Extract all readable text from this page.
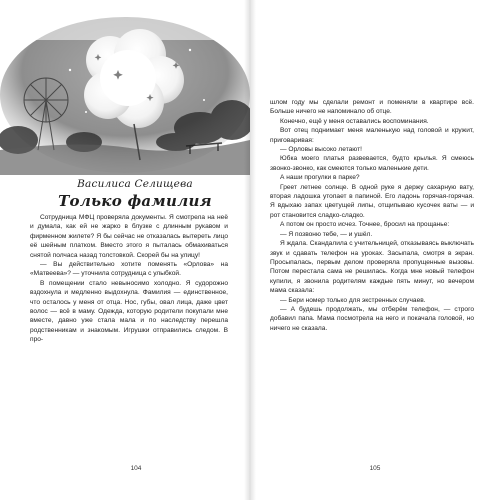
Василиса Селищева

Только фамилия

Сотрудница МФЦ проверяла документы. Я смотрела на неё и думала, как ей не жарко в блузке с длинным рукавом и фирменном жилете? Я бы сейчас не отказалась вытереть лицо её шейным платком. Вместо этого я пыталась обмахиваться снятой полчаса назад толстовкой. Скорей бы на улицу!

— Вы действительно хотите поменять «Орлова» на «Матвеева»? — уточнила сотрудница с улыбкой.

В помещении стало невыносимо холодно. Я судорожно вздохнула и медленно выдохнула. Фамилия — единственное, что осталось у меня от отца. Нос, губы, овал лица, даже цвет волос — всё в маму. Одежда, которую родители покупали мне вместе, давно уже стала мала и по наследству перешла родственникам и знакомым. Игрушки отправились следом. В про-

104

шлом году мы сделали ремонт и поменяли в квартире всё. Больше ничего не напоминало об отце.

Конечно, ещё у меня оставались воспоминания.

Вот отец поднимает меня маленькую над головой и кружит, приговаривая:

— Орловы высоко летают!

Юбка моего платья развевается, будто крылья. Я смеюсь звонко-звонко, как смеются только маленькие дети.

А наши прогулки в парке?

Греет летнее солнце. В одной руке я держу сахарную вату, вторая ладошка утопает в папиной. Его ладонь горячая-горячая. Я вдыхаю запах цветущей липы, отщипываю кусочек ваты — и рот становится сладко-сладко.

А потом он просто исчез. Точнее, бросил на прощанье:

— Я позвоню тебе, — и ушёл.

Я ждала. Скандалила с учительницей, отказываясь выключать звук и сдавать телефон на уроках. Засыпала, смотря в экран. Просыпалась, первым делом проверяла пропущенные вызовы. Потом перестала сама не решилась. Когда мне новый телефон купили, я звонила родителям каждые пять минут, но вечером мама сказала:

— Бери номер только для экстренных случаев.

— А будешь продолжать, мы отберём телефон, — строго добавил папа. Мама посмотрела на него и покачала головой, но ничего не сказала.

105
